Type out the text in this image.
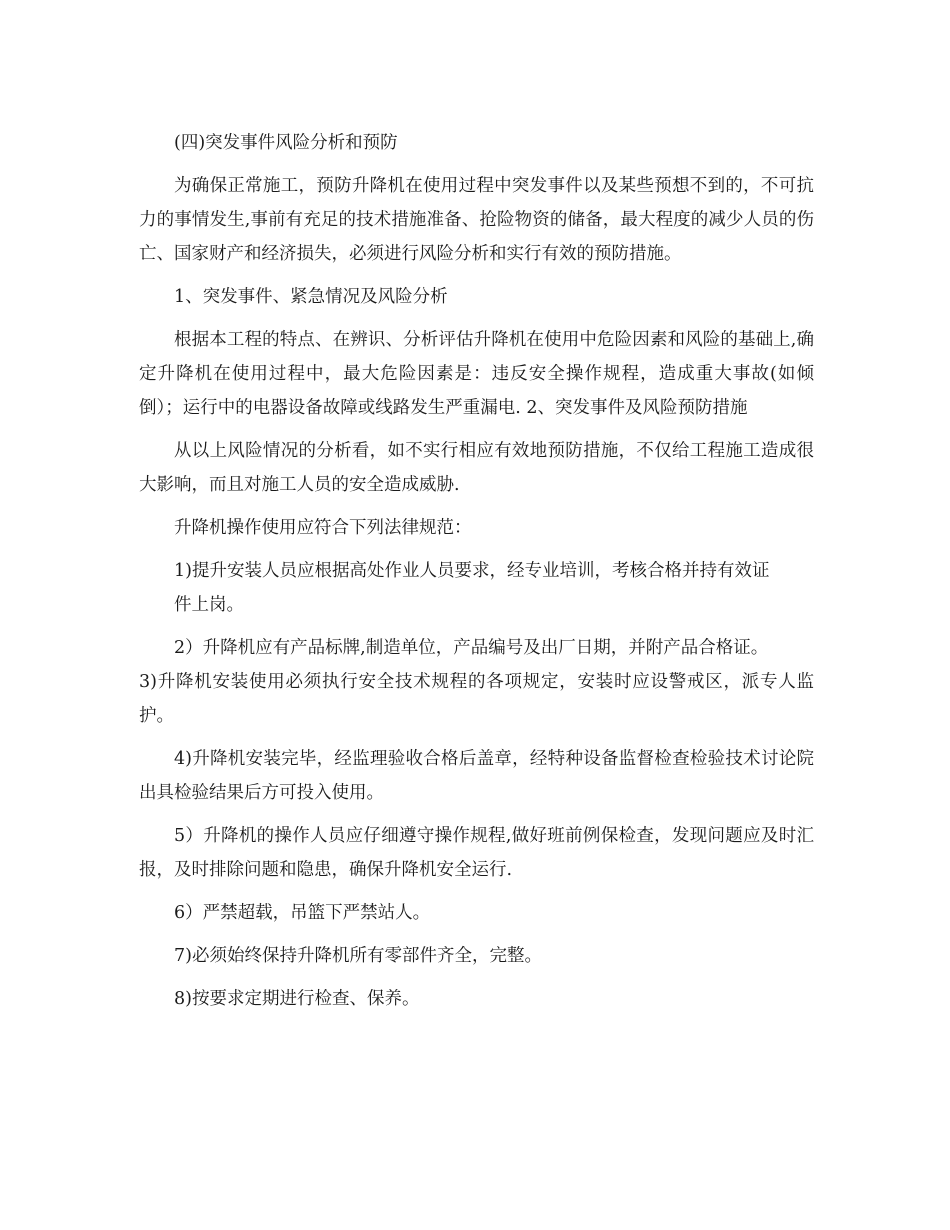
(四)突发事件风险分析和预防

为确保正常施工，预防升降机在使用过程中突发事件以及某些预想不到的，不可抗力的事情发生,事前有充足的技术措施准备、抢险物资的储备，最大程度的减少人员的伤亡、国家财产和经济损失，必须进行风险分析和实行有效的预防措施。

1、突发事件、紧急情况及风险分析

根据本工程的特点、在辨识、分析评估升降机在使用中危险因素和风险的基础上,确定升降机在使用过程中，最大危险因素是：违反安全操作规程，造成重大事故(如倾倒）；运行中的电器设备故障或线路发生严重漏电. 2、突发事件及风险预防措施

从以上风险情况的分析看，如不实行相应有效地预防措施，不仅给工程施工造成很大影响，而且对施工人员的安全造成威胁.

升降机操作使用应符合下列法律规范：

1)提升安装人员应根据高处作业人员要求，经专业培训，考核合格并持有效证
件上岗。

2）升降机应有产品标牌,制造单位，产品编号及出厂日期，并附产品合格证。

3)升降机安装使用必须执行安全技术规程的各项规定，安装时应设警戒区，派专人监护。

4)升降机安装完毕，经监理验收合格后盖章，经特种设备监督检查检验技术讨论院出具检验结果后方可投入使用。

5）升降机的操作人员应仔细遵守操作规程,做好班前例保检查，发现问题应及时汇报，及时排除问题和隐患，确保升降机安全运行.

6）严禁超载，吊篮下严禁站人。

7)必须始终保持升降机所有零部件齐全，完整。

8)按要求定期进行检查、保养。
